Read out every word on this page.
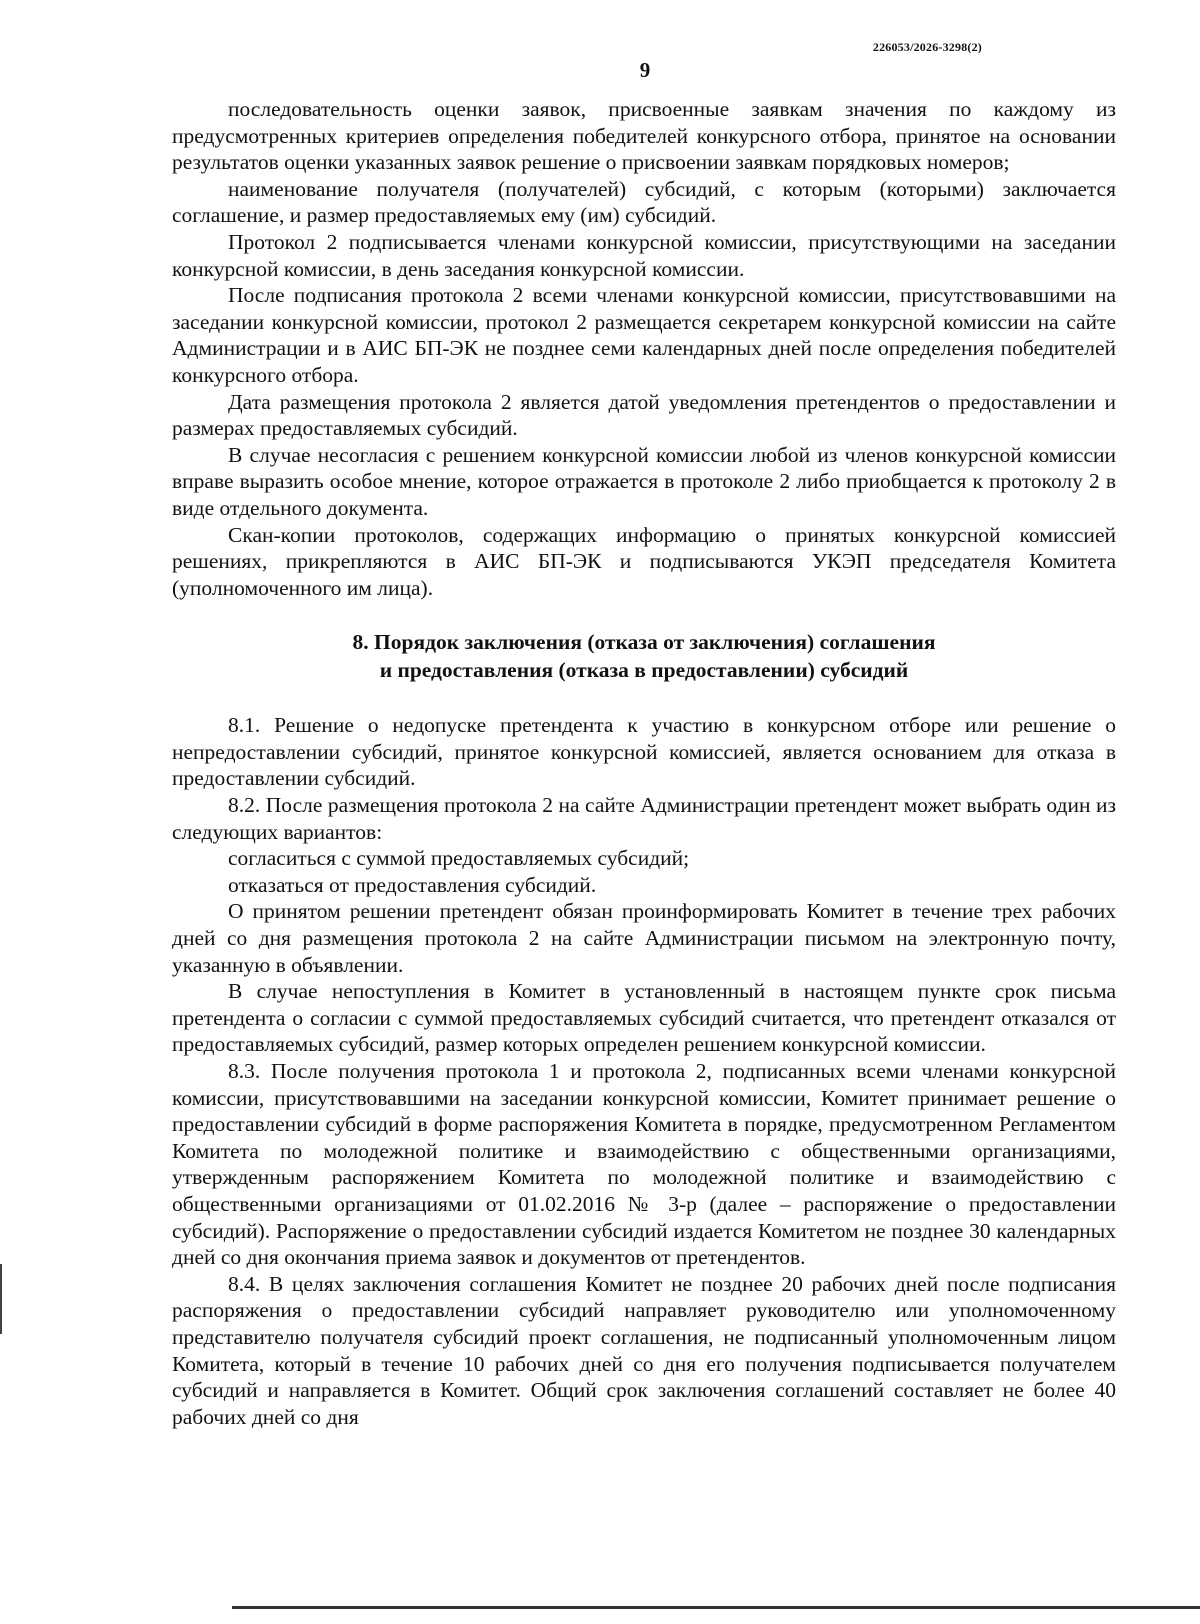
226053/2026-3298(2)
9

последовательность оценки заявок, присвоенные заявкам значения по каждому из предусмотренных критериев определения победителей конкурсного отбора, принятое на основании результатов оценки указанных заявок решение о присвоении заявкам порядковых номеров;

наименование получателя (получателей) субсидий, с которым (которыми) заключается соглашение, и размер предоставляемых ему (им) субсидий.

Протокол 2 подписывается членами конкурсной комиссии, присутствующими на заседании конкурсной комиссии, в день заседания конкурсной комиссии.

После подписания протокола 2 всеми членами конкурсной комиссии, присутствовавшими на заседании конкурсной комиссии, протокол 2 размещается секретарем конкурсной комиссии на сайте Администрации и в АИС БП-ЭК не позднее семи календарных дней после определения победителей конкурсного отбора.

Дата размещения протокола 2 является датой уведомления претендентов о предоставлении и размерах предоставляемых субсидий.

В случае несогласия с решением конкурсной комиссии любой из членов конкурсной комиссии вправе выразить особое мнение, которое отражается в протоколе 2 либо приобщается к протоколу 2 в виде отдельного документа.

Скан-копии протоколов, содержащих информацию о принятых конкурсной комиссией решениях, прикрепляются в АИС БП-ЭК и подписываются УКЭП председателя Комитета (уполномоченного им лица).

8. Порядок заключения (отказа от заключения) соглашения
и предоставления (отказа в предоставлении) субсидий

8.1. Решение о недопуске претендента к участию в конкурсном отборе или решение о непредоставлении субсидий, принятое конкурсной комиссией, является основанием для отказа в предоставлении субсидий.

8.2. После размещения протокола 2 на сайте Администрации претендент может выбрать один из следующих вариантов:

согласиться с суммой предоставляемых субсидий;

отказаться от предоставления субсидий.

О принятом решении претендент обязан проинформировать Комитет в течение трех рабочих дней со дня размещения протокола 2 на сайте Администрации письмом на электронную почту, указанную в объявлении.

В случае непоступления в Комитет в установленный в настоящем пункте срок письма претендента о согласии с суммой предоставляемых субсидий считается, что претендент отказался от предоставляемых субсидий, размер которых определен решением конкурсной комиссии.

8.3. После получения протокола 1 и протокола 2, подписанных всеми членами конкурсной комиссии, присутствовавшими на заседании конкурсной комиссии, Комитет принимает решение о предоставлении субсидий в форме распоряжения Комитета в порядке, предусмотренном Регламентом Комитета по молодежной политике и взаимодействию с общественными организациями, утвержденным распоряжением Комитета по молодежной политике и взаимодействию с общественными организациями от 01.02.2016 № 3-р (далее – распоряжение о предоставлении субсидий). Распоряжение о предоставлении субсидий издается Комитетом не позднее 30 календарных дней со дня окончания приема заявок и документов от претендентов.

8.4. В целях заключения соглашения Комитет не позднее 20 рабочих дней после подписания распоряжения о предоставлении субсидий направляет руководителю или уполномоченному представителю получателя субсидий проект соглашения, не подписанный уполномоченным лицом Комитета, который в течение 10 рабочих дней со дня его получения подписывается получателем субсидий и направляется в Комитет. Общий срок заключения соглашений составляет не более 40 рабочих дней со дня
